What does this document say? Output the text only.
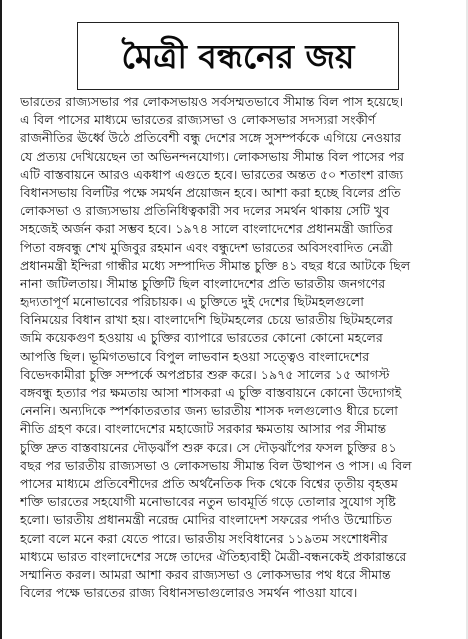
মৈত্রী বন্ধনের জয়
ভারতের রাজ্যসভার পর লোকসভায়ও সর্বসম্মতভাবে সীমান্ত বিল পাস হয়েছে।
এ বিল পাসের মাধ্যমে ভারতের রাজ্যসভা ও লোকসভার সদস্যরা সংকীর্ণ
রাজনীতির ঊর্ধ্বে উঠে প্রতিবেশী বন্ধু দেশের সঙ্গে সুসম্পর্ককে এগিয়ে নেওয়ার
যে প্রত্যয় দেখিয়েছেন তা অভিনন্দনযোগ্য। লোকসভায় সীমান্ত বিল পাসের পর
এটি বাস্তবায়নে আরও একধাপ এগুতে হবে। ভারতের অন্তত ৫০ শতাংশ রাজ্য
বিধানসভায় বিলটির পক্ষে সমর্থন প্রয়োজন হবে। আশা করা হচ্ছে বিলের প্রতি
লোকসভা ও রাজ্যসভায় প্রতিনিধিত্বকারী সব দলের সমর্থন থাকায় সেটি খুব
সহজেই অর্জন করা সম্ভব হবে। ১৯৭৪ সালে বাংলাদেশের প্রধানমন্ত্রী জাতির
পিতা বঙ্গবন্ধু শেখ মুজিবুর রহমান এবং বন্ধুদেশ ভারতের অবিসংবাদিত নেত্রী
প্রধানমন্ত্রী ইন্দিরা গান্ধীর মধ্যে সম্পাদিত সীমান্ত চুক্তি ৪১ বছর ধরে আটকে ছিল
নানা জটিলতায়। সীমান্ত চুক্তিটি ছিল বাংলাদেশের প্রতি ভারতীয় জনগণের
হৃদ্যতাপূর্ণ মনোভাবের পরিচায়ক। এ চুক্তিতে দুই দেশের ছিটমহলগুলো
বিনিময়ের বিধান রাখা হয়। বাংলাদেশি ছিটমহলের চেয়ে ভারতীয় ছিটমহলের
জমি কয়েকগুণ হওয়ায় এ চুক্তির ব্যাপারে ভারতের কোনো কোনো মহলের
আপত্তি ছিল। ভূমিগতভাবে বিপুল লাভবান হওয়া সত্ত্বেও বাংলাদেশের
বিভেদকামীরা চুক্তি সম্পর্কে অপপ্রচার শুরু করে। ১৯৭৫ সালের ১৫ আগস্ট
বঙ্গবন্ধু হত্যার পর ক্ষমতায় আসা শাসকরা এ চুক্তি বাস্তবায়নে কোনো উদ্যোগই
নেননি। অন্যদিকে স্পর্শকাতরতার জন্য ভারতীয় শাসক দলগুলোও ধীরে চলো
নীতি গ্রহণ করে। বাংলাদেশের মহাজোট সরকার ক্ষমতায় আসার পর সীমান্ত
চুক্তি দ্রুত বাস্তবায়নের দৌড়ঝাঁপ শুরু করে। সে দৌড়ঝাঁপের ফসল চুক্তির ৪১
বছর পর ভারতীয় রাজ্যসভা ও লোকসভায় সীমান্ত বিল উত্থাপন ও পাস। এ বিল
পাসের মাধ্যমে প্রতিবেশীদের প্রতি অর্থনৈতিক দিক থেকে বিশ্বের তৃতীয় বৃহত্তম
শক্তি ভারতের সহযোগী মনোভাবের নতুন ভাবমূর্তি গড়ে তোলার সুযোগ সৃষ্টি
হলো। ভারতীয় প্রধানমন্ত্রী নরেন্দ্র মোদির বাংলাদেশ সফরের পর্দাও উন্মোচিত
হলো বলে মনে করা যেতে পারে। ভারতীয় সংবিধানের ১১৯তম সংশোধনীর
মাধ্যমে ভারত বাংলাদেশের সঙ্গে তাদের ঐতিহ্যবাহী মৈত্রী-বন্ধনকেই প্রকারান্তরে
সম্মানিত করল। আমরা আশা করব রাজ্যসভা ও লোকসভার পথ ধরে সীমান্ত
বিলের পক্ষে ভারতের রাজ্য বিধানসভাগুলোরও সমর্থন পাওয়া যাবে।
